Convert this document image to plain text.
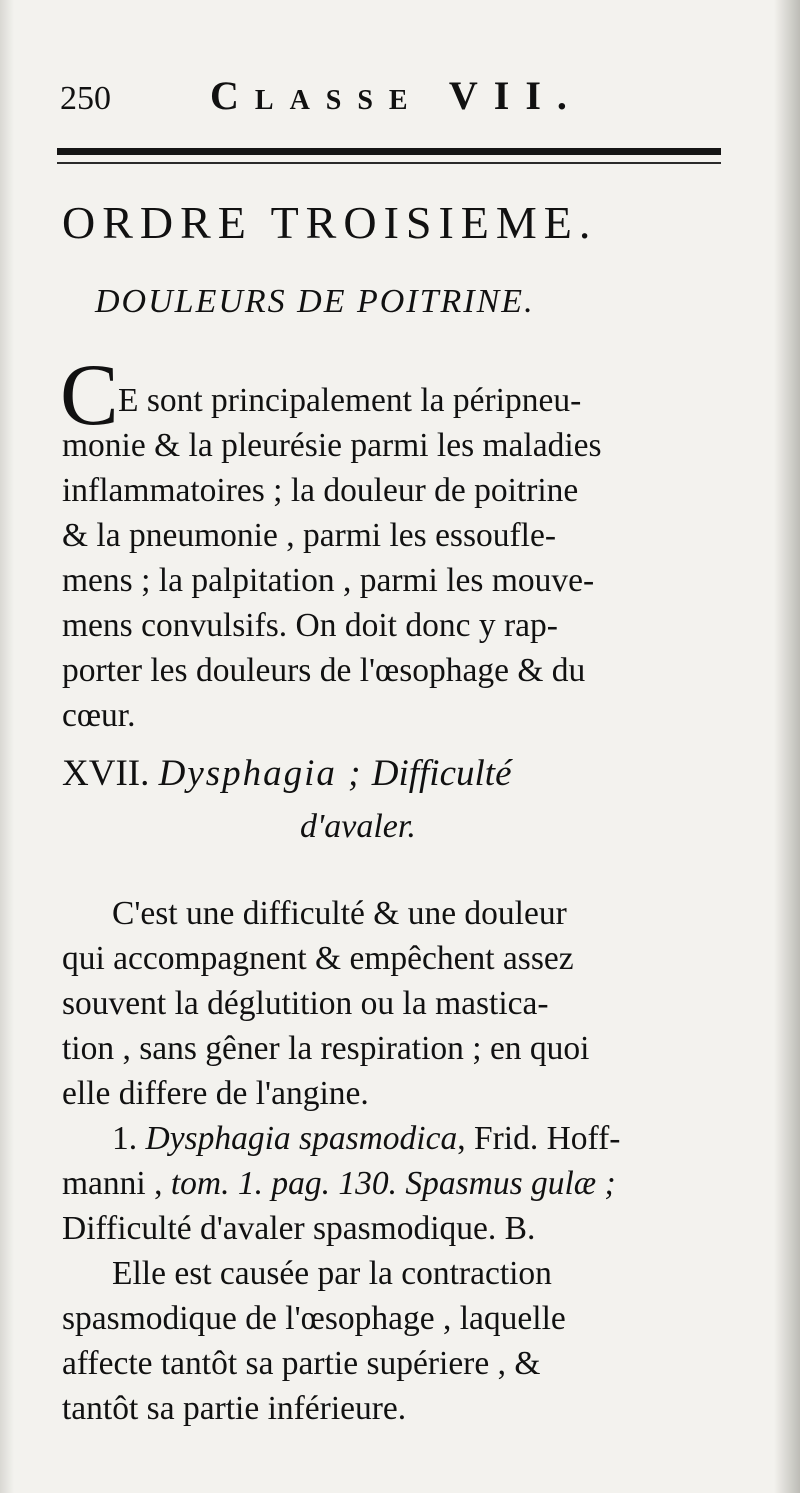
250 Classe VII.
ORDRE TROISIEME.
DOULEURS DE POITRINE.
C E sont principalement la péripneu-
monie & la pleurésie parmi les maladies
inflammatoires ; la douleur de poitrine
& la pneumonie , parmi les essoufle-
mens ; la palpitation , parmi les mouve-
mens convulsifs. On doit donc y rap-
porter les douleurs de l'œsophage & du
cœur.
XVII. Dysphagia ; Difficulté
d'avaler.
C'est une difficulté & une douleur
qui accompagnent & empêchent assez
souvent la déglutition ou la mastica-
tion , sans gêner la respiration ; en quoi
elle differe de l'angine.
1. Dysphagia spasmodica, Frid. Hoff-
manni , tom. 1. pag. 130. Spasmus gulæ ;
Difficulté d'avaler spasmodique. B.
Elle est causée par la contraction
spasmodique de l'œsophage , laquelle
affecte tantôt sa partie supériere , &
tantôt sa partie inférieure.
